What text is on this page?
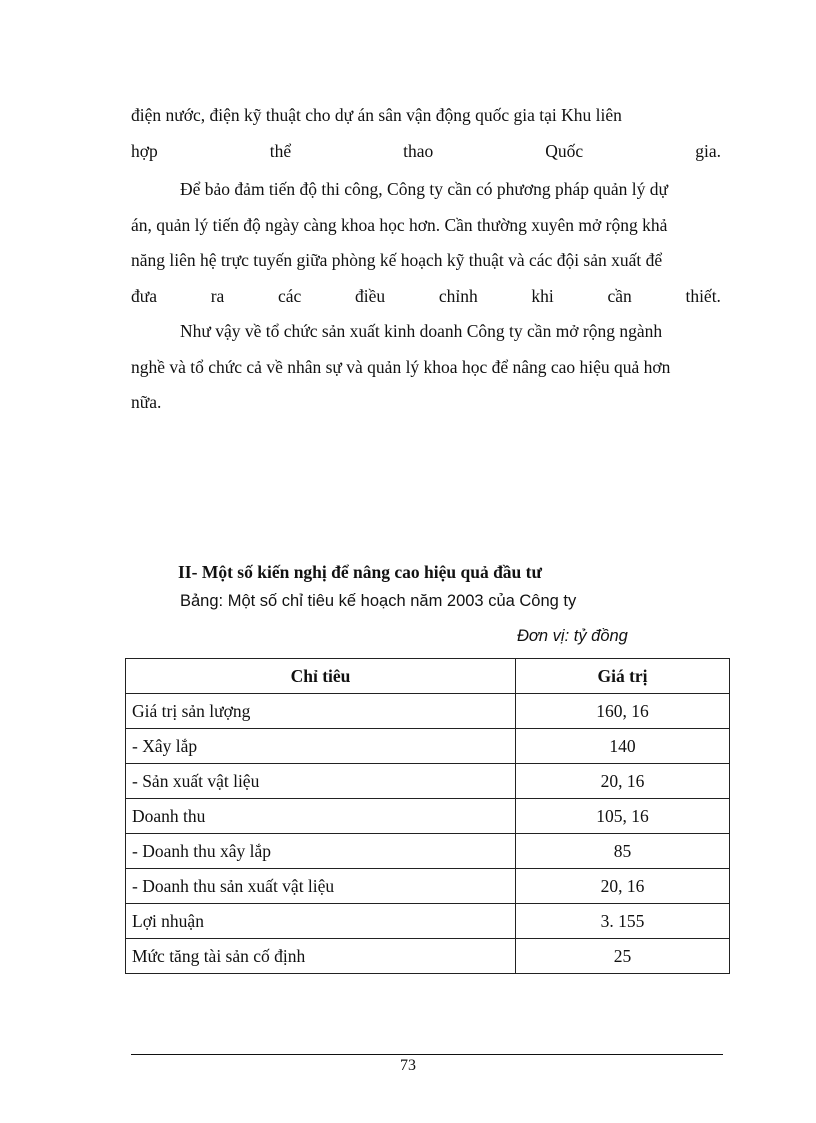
điện nước, điện kỹ thuật cho dự án sân vận động quốc gia tại Khu liên
hợp	thể	thao	Quốc	gia.
Để bảo đảm tiến độ thi công, Công ty cần có phương pháp quản lý dự
án, quản lý tiến độ ngày càng khoa học hơn. Cần thường xuyên mở rộng khả
năng liên hệ trực tuyến giữa phòng kế hoạch kỹ thuật và các đội sản xuất để
đưa	ra	các	điều	chỉnh	khi	cần	thiết.
Như vậy về tổ chức sản xuất kinh doanh Công ty cần mở rộng ngành
nghề và tổ chức cả về nhân sự và quản lý khoa học để nâng cao hiệu quả hơn
nữa.
II- Một số kiến nghị để nâng cao hiệu quả đầu tư
Bảng: Một số chỉ tiêu kế hoạch năm 2003 của Công ty
Đơn vị: tỷ đồng
Chỉ tiêu	Giá trị
Giá trị sản lượng	160, 16
- Xây lắp	140
- Sản xuất vật liệu	20, 16
Doanh thu	105, 16
- Doanh thu xây lắp	85
- Doanh thu sản xuất vật liệu	20, 16
Lợi nhuận	3. 155
Mức tăng tài sản cố định	25
73
